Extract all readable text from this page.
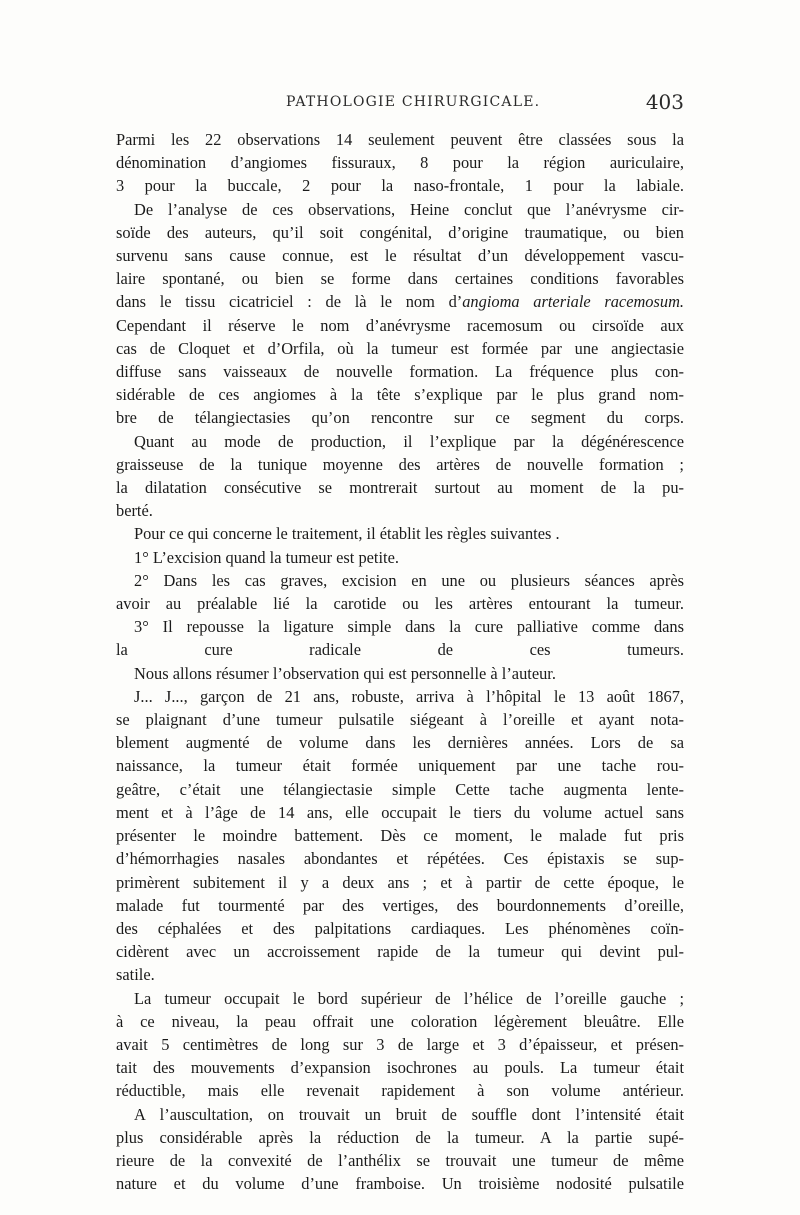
PATHOLOGIE CHIRURGICALE.	403

Parmi les 22 observations 14 seulement peuvent être classées sous la
dénomination d’angiomes fissuraux, 8 pour la région auriculaire,
3 pour la buccale, 2 pour la naso-frontale, 1 pour la labiale.

De l’analyse de ces observations, Heine conclut que l’anévrysme cir-
soïde des auteurs, qu’il soit congénital, d’origine traumatique, ou bien
survenu sans cause connue, est le résultat d’un développement vascu-
laire spontané, ou bien se forme dans certaines conditions favorables
dans le tissu cicatriciel : de là le nom d’angioma arteriale racemosum.
Cependant il réserve le nom d’anévrysme racemosum ou cirsoïde aux
cas de Cloquet et d’Orfila, où la tumeur est formée par une angiectasie
diffuse sans vaisseaux de nouvelle formation. La fréquence plus con-
sidérable de ces angiomes à la tête s’explique par le plus grand nom-
bre de télangiectasies qu’on rencontre sur ce segment du corps.

Quant au mode de production, il l’explique par la dégénérescence
graisseuse de la tunique moyenne des artères de nouvelle formation ;
la dilatation consécutive se montrerait surtout au moment de la pu-
berté.

Pour ce qui concerne le traitement, il établit les règles suivantes .

1° L’excision quand la tumeur est petite.

2° Dans les cas graves, excision en une ou plusieurs séances après
avoir au préalable lié la carotide ou les artères entourant la tumeur.

3° Il repousse la ligature simple dans la cure palliative comme dans
la cure radicale de ces tumeurs.

Nous allons résumer l’observation qui est personnelle à l’auteur.

J... J..., garçon de 21 ans, robuste, arriva à l’hôpital le 13 août 1867,
se plaignant d’une tumeur pulsatile siégeant à l’oreille et ayant nota-
blement augmenté de volume dans les dernières années. Lors de sa
naissance, la tumeur était formée uniquement par une tache rou-
geâtre, c’était une télangiectasie simple Cette tache augmenta lente-
ment et à l’âge de 14 ans, elle occupait le tiers du volume actuel sans
présenter le moindre battement. Dès ce moment, le malade fut pris
d’hémorrhagies nasales abondantes et répétées. Ces épistaxis se sup-
primèrent subitement il y a deux ans ; et à partir de cette époque, le
malade fut tourmenté par des vertiges, des bourdonnements d’oreille,
des céphalées et des palpitations cardiaques. Les phénomènes coïn-
cidèrent avec un accroissement rapide de la tumeur qui devint pul-
satile.

La tumeur occupait le bord supérieur de l’hélice de l’oreille gauche ;
à ce niveau, la peau offrait une coloration légèrement bleuâtre. Elle
avait 5 centimètres de long sur 3 de large et 3 d’épaisseur, et présen-
tait des mouvements d’expansion isochrones au pouls. La tumeur était
réductible, mais elle revenait rapidement à son volume antérieur.

A l’auscultation, on trouvait un bruit de souffle dont l’intensité était
plus considérable après la réduction de la tumeur. A la partie supé-
rieure de la convexité de l’anthélix se trouvait une tumeur de même
nature et du volume d’une framboise. Un troisième nodosité pulsatile
